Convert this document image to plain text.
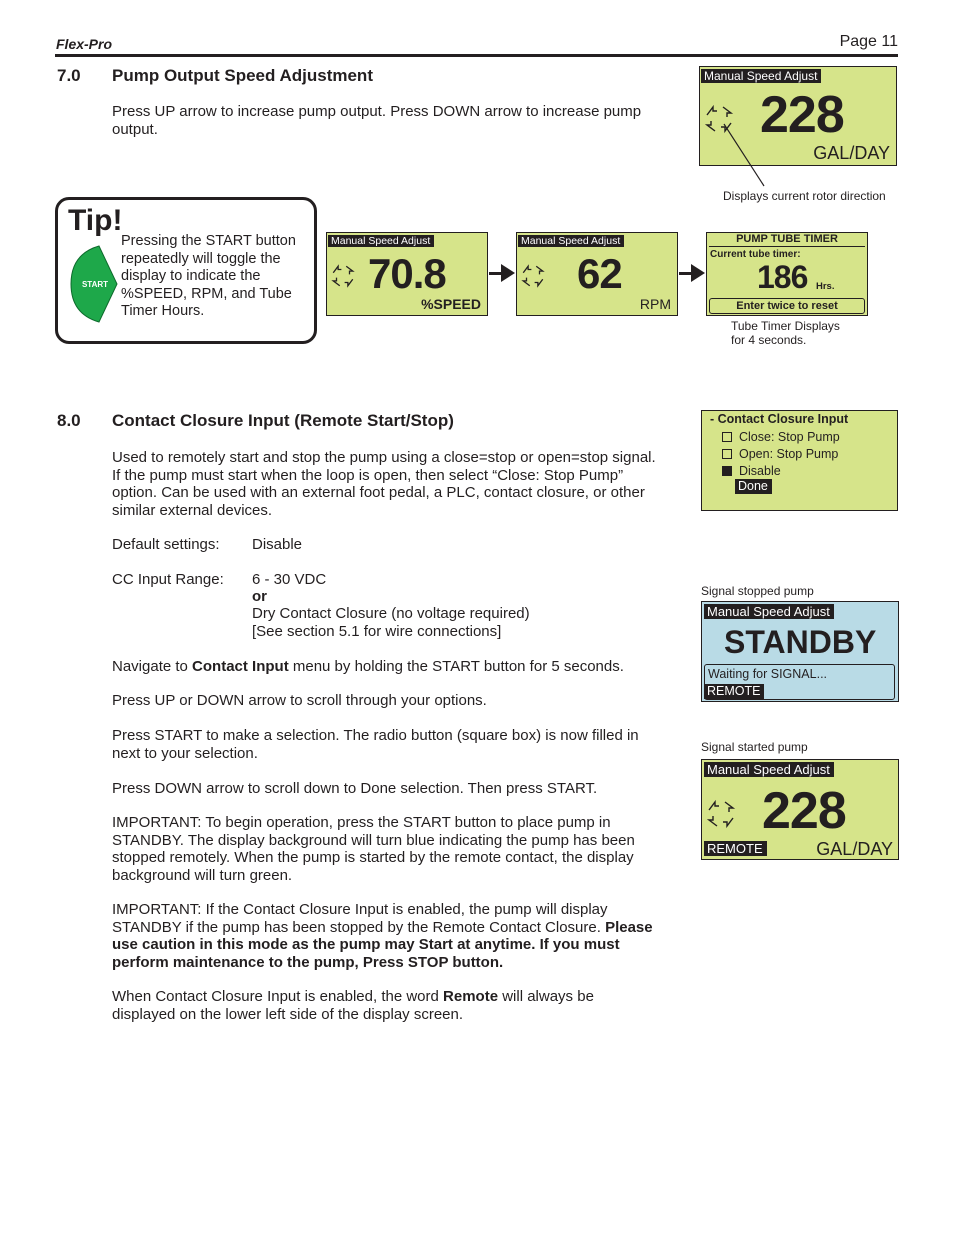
Flex-Pro	Page 11
7.0 Pump Output Speed Adjustment
Press UP arrow to increase pump output. Press DOWN arrow to increase pump output.
Manual Speed Adjust
228
GAL/DAY
Displays current rotor direction
Tip!
START
Pressing the START button repeatedly will toggle the display to indicate the %SPEED, RPM, and Tube Timer Hours.
Manual Speed Adjust
70.8
%SPEED
Manual Speed Adjust
62
RPM
PUMP TUBE TIMER
Current tube timer:
186 Hrs.
Enter twice to reset
Tube Timer Displays
for 4 seconds.
8.0 Contact Closure Input (Remote Start/Stop)
Used to remotely start and stop the pump using a close=stop or open=stop signal. If the pump must start when the loop is open, then select “Close: Stop Pump” option. Can be used with an external foot pedal, a PLC, contact closure, or other similar external devices.
Default settings: Disable
CC Input Range: 6 - 30 VDC
or
Dry Contact Closure (no voltage required)
[See section 5.1 for wire connections]
Navigate to Contact Input menu by holding the START button for 5 seconds.
Press UP or DOWN arrow to scroll through your options.
Press START to make a selection. The radio button (square box) is now filled in next to your selection.
Press DOWN arrow to scroll down to Done selection. Then press START.
IMPORTANT: To begin operation, press the START button to place pump in STANDBY. The display background will turn blue indicating the pump has been stopped remotely. When the pump is started by the remote contact, the display background will turn green.
IMPORTANT: If the Contact Closure Input is enabled, the pump will display STANDBY if the pump has been stopped by the Remote Contact Closure. Please use caution in this mode as the pump may Start at anytime. If you must perform maintenance to the pump, Press STOP button.
When Contact Closure Input is enabled, the word Remote will always be displayed on the lower left side of the display screen.
- Contact Closure Input
Close: Stop Pump
Open: Stop Pump
Disable
Done
Signal stopped pump
Manual Speed Adjust
STANDBY
Waiting for SIGNAL...
REMOTE
Signal started pump
Manual Speed Adjust
228
REMOTE	GAL/DAY
